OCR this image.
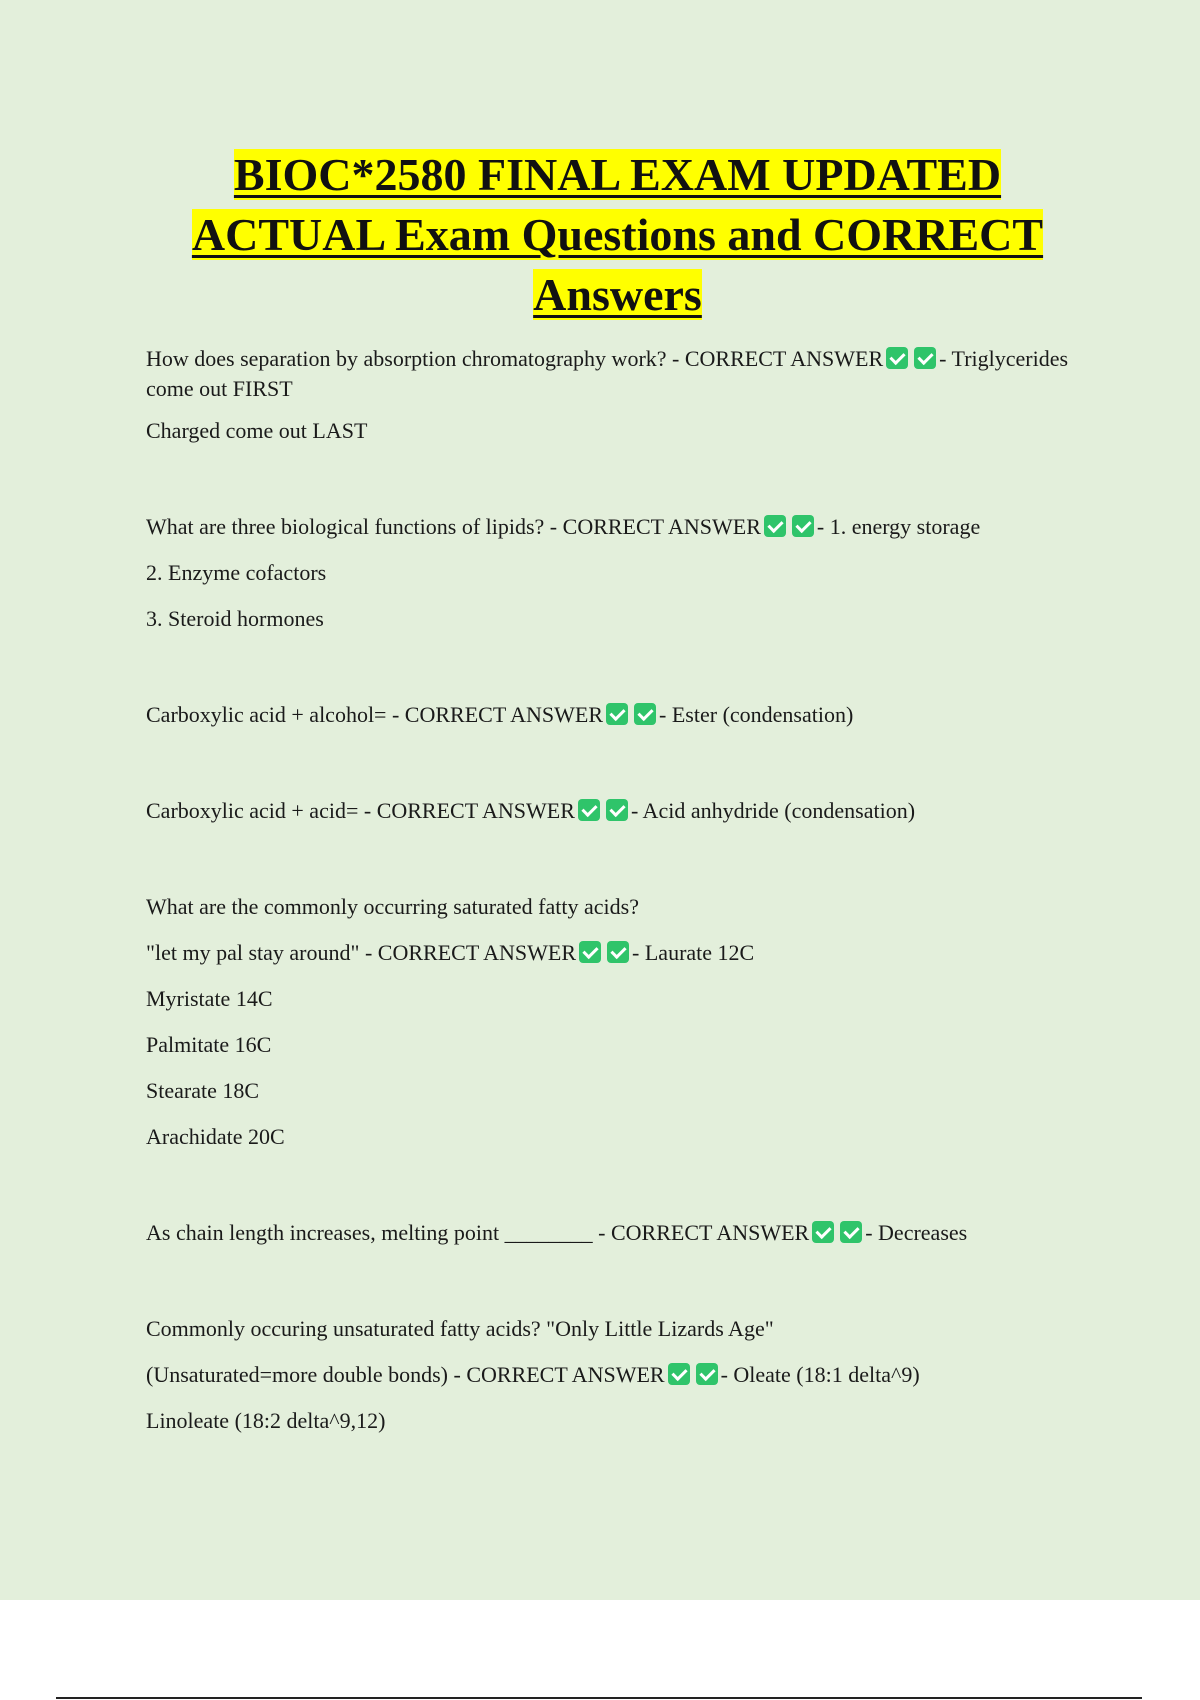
BIOC*2580 FINAL EXAM UPDATED
ACTUAL Exam Questions and CORRECT
Answers

How does separation by absorption chromatography work? - CORRECT ANSWER	- Triglycerides come out FIRST

Charged come out LAST

What are three biological functions of lipids? - CORRECT ANSWER	- 1. energy storage

2. Enzyme cofactors

3. Steroid hormones

Carboxylic acid + alcohol= - CORRECT ANSWER	- Ester (condensation)

Carboxylic acid + acid= - CORRECT ANSWER	- Acid anhydride (condensation)

What are the commonly occurring saturated fatty acids?

"let my pal stay around" - CORRECT ANSWER	- Laurate 12C

Myristate 14C

Palmitate 16C

Stearate 18C

Arachidate 20C

As chain length increases, melting point ________ - CORRECT ANSWER	- Decreases

Commonly occuring unsaturated fatty acids? "Only Little Lizards Age"

(Unsaturated=more double bonds) - CORRECT ANSWER	- Oleate (18:1 delta^9)

Linoleate (18:2 delta^9,12)
